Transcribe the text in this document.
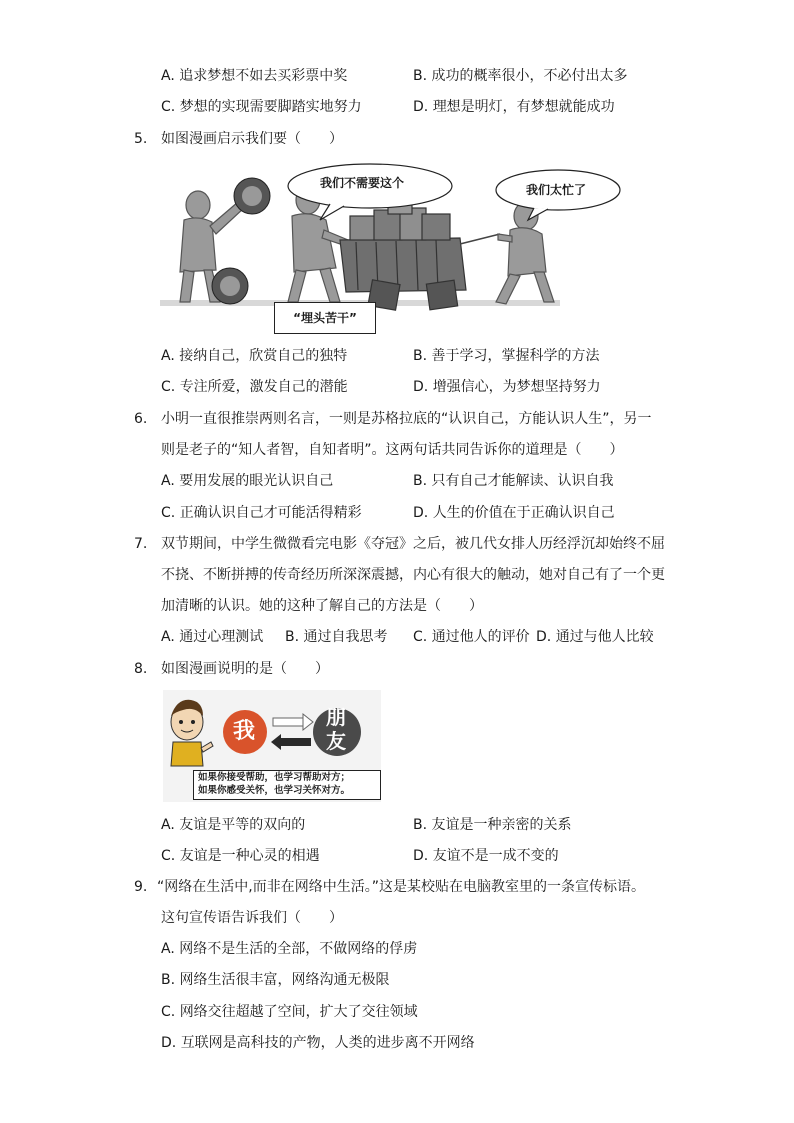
A. 追求梦想不如去买彩票中奖	B. 成功的概率很小，不必付出太多
C. 梦想的实现需要脚踏实地努力	D. 理想是明灯，有梦想就能成功
5. 如图漫画启示我们要（　　）
我们不需要这个	我们太忙了
“埋头苦干”
A. 接纳自己，欣赏自己的独特	B. 善于学习，掌握科学的方法
C. 专注所爱，激发自己的潜能	D. 增强信心，为梦想坚持努力
6. 小明一直很推崇两则名言，一则是苏格拉底的“认识自己，方能认识人生”，另一
则是老子的“知人者智，自知者明”。这两句话共同告诉你的道理是（　　）
A. 要用发展的眼光认识自己	B. 只有自己才能解读、认识自我
C. 正确认识自己才可能活得精彩	D. 人生的价值在于正确认识自己
7. 双节期间，中学生微微看完电影《夺冠》之后，被几代女排人历经浮沉却始终不屈
不挠、不断拼搏的传奇经历所深深震撼，内心有很大的触动，她对自己有了一个更
加清晰的认识。她的这种了解自己的方法是（　　）
A. 通过心理测试 B. 通过自我思考 C. 通过他人的评价 D. 通过与他人比较
8. 如图漫画说明的是（　　）
我
朋
友
如果你接受帮助，也学习帮助对方；
如果你感受关怀，也学习关怀对方。
A. 友谊是平等的双向的	B. 友谊是一种亲密的关系
C. 友谊是一种心灵的相遇	D. 友谊不是一成不变的
9. “网络在生活中,而非在网络中生活。”这是某校贴在电脑教室里的一条宣传标语。
这句宣传语告诉我们（　　）
A. 网络不是生活的全部，不做网络的俘虏
B. 网络生活很丰富，网络沟通无极限
C. 网络交往超越了空间，扩大了交往领域
D. 互联网是高科技的产物，人类的进步离不开网络
